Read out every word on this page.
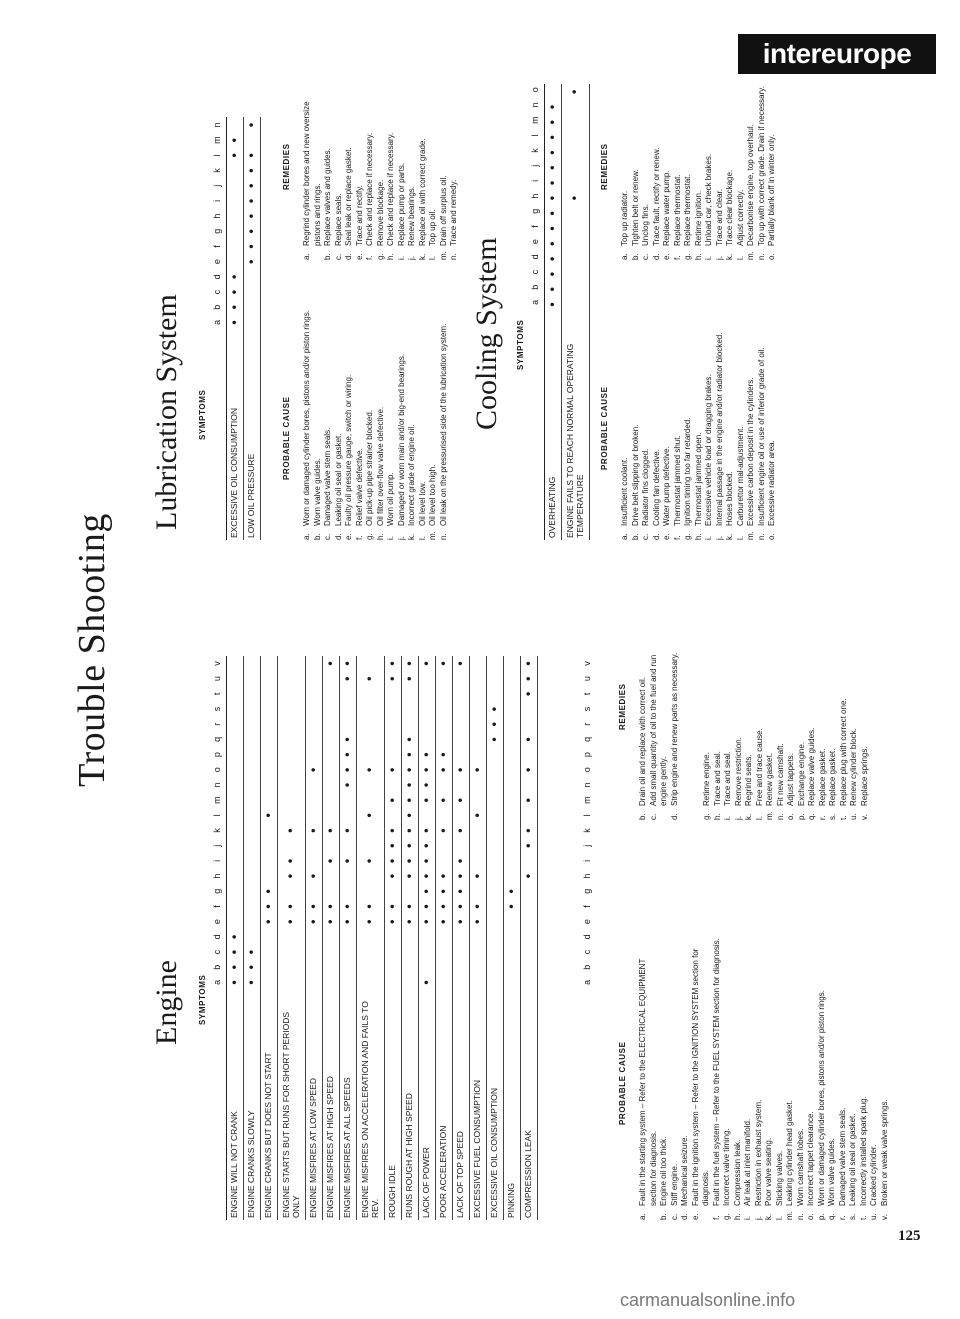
intereurope
Trouble Shooting
Engine SYMPTOMS abcdefghijklmnopqrstuv
ENGINE WILL NOT CRANK
•
•
•
•
ENGINE CRANKS SLOWLY
•
•
•
ENGINE CRANKS BUT DOES NOT START
•
•
•
•
ENGINE STARTS BUT RUNS FOR SHORT PERIODS ONLY
•
•
•
•
•
ENGINE MISFIRES AT LOW SPEED
•
•
•
•
•
ENGINE MISFIRES AT HIGH SPEED
•
•
•
•
•
ENGINE MISFIRES AT ALL SPEEDS
•
•
•
•
•
•
•
•
•
•
ENGINE MISFIRES ON ACCELERATION AND FAILS TO REV.
•
•
•
•
•
•
ROUGH IDLE
•
•
•
•
•
•
•
•
•
•
RUNS ROUGH AT HIGH SPEED
•
•
•
•
•
•
•
•
•
•
•
•
•
•
LACK OF POWER
•
•
•
•
•
•
•
•
•
•
•
•
•
POOR ACCELERATION
•
•
•
•
•
•
•
•
•
LACK OF TOP SPEED
•
•
•
•
•
•
•
•
•
EXCESSIVE FUEL CONSUMPTION
•
•
•
•
•
EXCESSIVE OIL CONSUMPTION
•
•
•
PINKING
•
•
COMPRESSION LEAK
•
•
•
•
•
•
•
•
•
abcdefghijklmnopqrstuv
PROBABLE CAUSE
REMEDIES
a.
Fault in the starting system – Refer to the ELECTRICAL EQUIPMENT section for diagnosis.
b.
Engine oil too thick.
c.
Stiff engine.
d.
Mechanical seizure.
e.
Fault in the ignition system – Refer to the IGNITION SYSTEM section for diagnosis.
f.
Fault in the fuel system – Refer to the FUEL SYSTEM section for diagnosis.
g.
Incorrect valve timing.
h.
Compression leak.
i.
Air leak at inlet manifold.
j.
Restriction in exhaust system.
k.
Poor valve seating.
l.
Sticking valves.
m.
Leaking cylinder head gasket.
n.
Worn camshaft lobes.
o.
Incorrect tappet clearance.
p.
Worn or damaged cylinder bores, pistons and/or piston rings.
q.
Worn valve guides.
r.
Damaged valve stem seals.
s.
Leaking oil seal or gasket.
t.
Incorrectly installed spark plug.
u.
Cracked cylinder.
v.
Broken or weak valve springs.
b.
Drain oil and replace with correct oil.
c.
Add small quantity of oil to the fuel and run engine gently.
d.
Strip engine and renew parts as necessary.
g.
Retime engine.
h.
Trace and seal.
i.
Trace and seal.
j.
Remove restriction.
k.
Regrind seats.
l.
Free and trace cause.
m.
Renew gasket.
n.
Fit new camshaft.
o.
Adjust tappets.
p.
Exchange engine.
q.
Replace valve guides.
r.
Replace gasket.
s.
Replace gasket.
t.
Replace plug with correct one.
u.
Renew cylinder block.
v.
Replace springs.
Lubrication System SYMPTOMS
abcdefghijklmn
EXCESSIVE OIL CONSUMPTION
•
•
•
•
•
•
LOW OIL PRESSURE
•
•
•
•
•
•
•
•
•
PROBABLE CAUSE
REMEDIES
a.
Worn or damaged cylinder bores, pistons and/or piston rings.
b.
Worn valve guides.
c.
Damaged valve stem seals.
d.
Leaking oil seal or gasket.
e.
Faulty oil pressure gauge, switch or wiring.
f.
Relief valve defective.
g.
Oil pick-up pipe strainer blocked.
h.
Oil filter over-flow valve defective.
i.
Worn oil pump.
j.
Damaged or worn main and/or big-end bearings.
k.
Incorrect grade of engine oil.
l.
Oil level low.
m.
Oil level too high.
n.
Oil leak on the pressurised side of the lubrication system.
a.
Regrind cylinder bores and new oversize pistons and rings.
b.
Replace valves and guides.
c.
Replace seals.
d.
Seal leak or replace gasket.
e.
Trace and rectify.
f.
Check and replace if necessary.
g.
Remove blockage.
h.
Check and replace if necessary.
i.
Replace pump or parts.
j.
Renew bearings.
k.
Replace oil with correct grade.
l.
Top up oil.
m.
Drain off surplus oil.
n.
Trace and remedy.
Cooling System SYMPTOMS
abcdefghijklmno
OVERHEATING
•
•
•
•
•
•
•
•
•
•
•
•
•
•
ENGINE FAILS TO REACH NORMAL OPERATING TEMPERATURE
•
•
PROBABLE CAUSE
REMEDIES
a.
Insufficient coolant.
b.
Drive belt slipping or broken.
c.
Radiator fins clogged.
d.
Cooling fan defective.
e.
Water pump defective.
f.
Thermostat jammed shut.
g.
Ignition timing too far retarded.
h.
Thermostat jammed open.
i.
Excessive vehicle load or dragging brakes.
j.
Internal passage in the engine and/or radiator blocked.
k.
Hoses blocked.
l.
Carburettor mal-adjustment.
m.
Excessive carbon deposit in the cylinders.
n.
Insufficient engine oil or use of inferior grade of oil.
o.
Excessive radiator area.
a.
Top up radiator.
b.
Tighten belt or renew.
c.
Unclog fins.
d.
Trace fault, rectify or renew.
e.
Replace water pump.
f.
Replace thermostat.
g.
Replace thermostat.
h.
Retime ignition.
i.
Unload car, check brakes.
j.
Trace and clear.
k.
Trace clear blockage.
l.
Adjust correctly.
m.
Decarbonise engine, top overhaul.
n.
Top up with correct grade. Drain if necessary.
o.
Partially blank off in winter only.
125
carmanualsonline.info
